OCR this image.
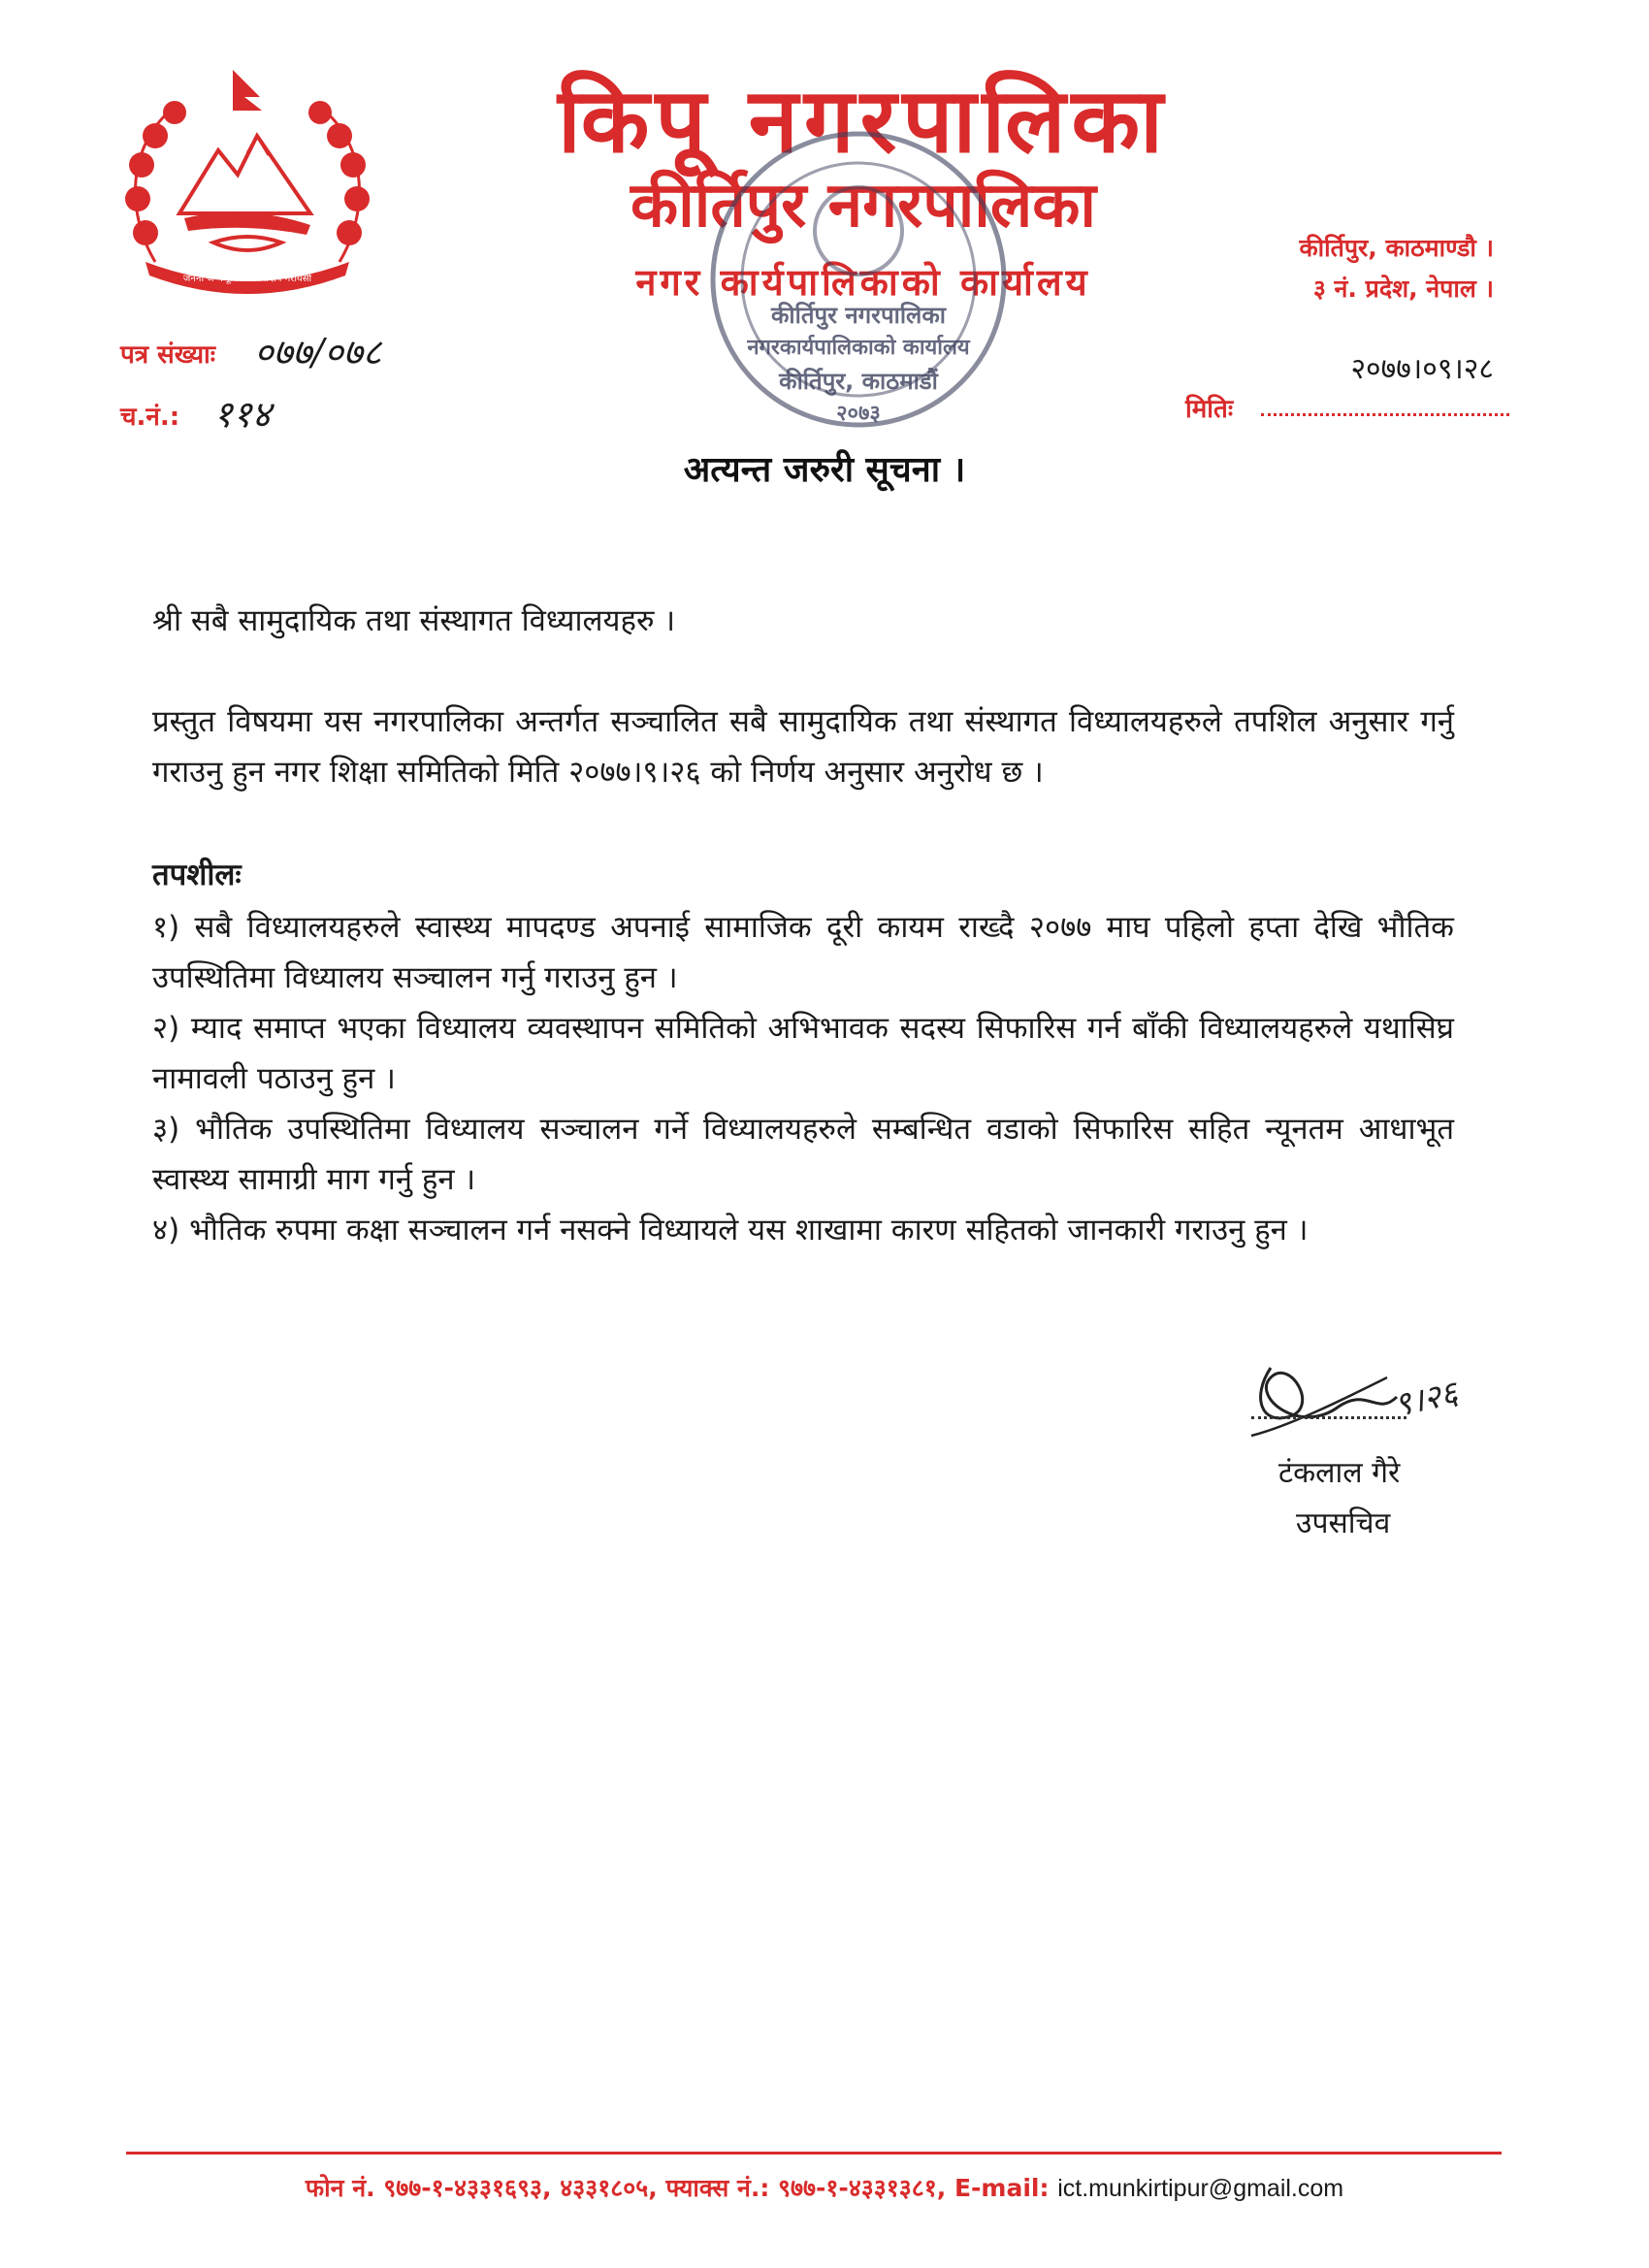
जननी जन्मभूमिश्च स्वर्गादपि गरीयसी
किपू नगरपालिका
कीर्तिपुर नगरपालिका
नगर कार्यपालिकाको कार्यालय
कीर्तिपुर, काठमाण्डौ ।
३ नं. प्रदेश, नेपाल ।
कीर्तिपुर नगरपालिका
नगरकार्यपालिकाको कार्यालय
कीर्तिपुर, काठमाडौं
२०७३
पत्र संख्याः ०७७/०७८
च.नं.: ११४
२०७७।०९।२८
मितिः
अत्यन्त जरुरी सूचना ।
श्री सबै सामुदायिक तथा संस्थागत विध्यालयहरु ।
प्रस्तुत विषयमा यस नगरपालिका अन्तर्गत सञ्चालित सबै सामुदायिक तथा संस्थागत विध्यालयहरुले तपशिल अनुसार गर्नु गराउनु हुन नगर शिक्षा समितिको मिति २०७७।९।२६ को निर्णय अनुसार अनुरोध छ ।
तपशीलः

१) सबै विध्यालयहरुले स्वास्थ्य मापदण्ड अपनाई सामाजिक दूरी कायम राख्दै २०७७ माघ पहिलो हप्ता देखि भौतिक उपस्थितिमा विध्यालय सञ्चालन गर्नु गराउनु हुन ।

२) म्याद समाप्त भएका विध्यालय व्यवस्थापन समितिको अभिभावक सदस्य सिफारिस गर्न बाँकी विध्यालयहरुले यथासिघ्र नामावली पठाउनु हुन ।

३) भौतिक उपस्थितिमा विध्यालय सञ्चालन गर्ने विध्यालयहरुले सम्बन्धित वडाको सिफारिस सहित न्यूनतम आधाभूत स्वास्थ्य सामाग्री माग गर्नु हुन ।

४) भौतिक रुपमा कक्षा सञ्चालन गर्न नसक्ने विध्यायले यस शाखामा कारण सहितको जानकारी गराउनु हुन ।

९।२६
टंकलाल गैरे
उपसचिव
फोन नं. ९७७-१-४३३१६९३, ४३३१८०५, फ्याक्स नं.: ९७७-१-४३३१३८१, E-mail: ict.munkirtipur@gmail.com
